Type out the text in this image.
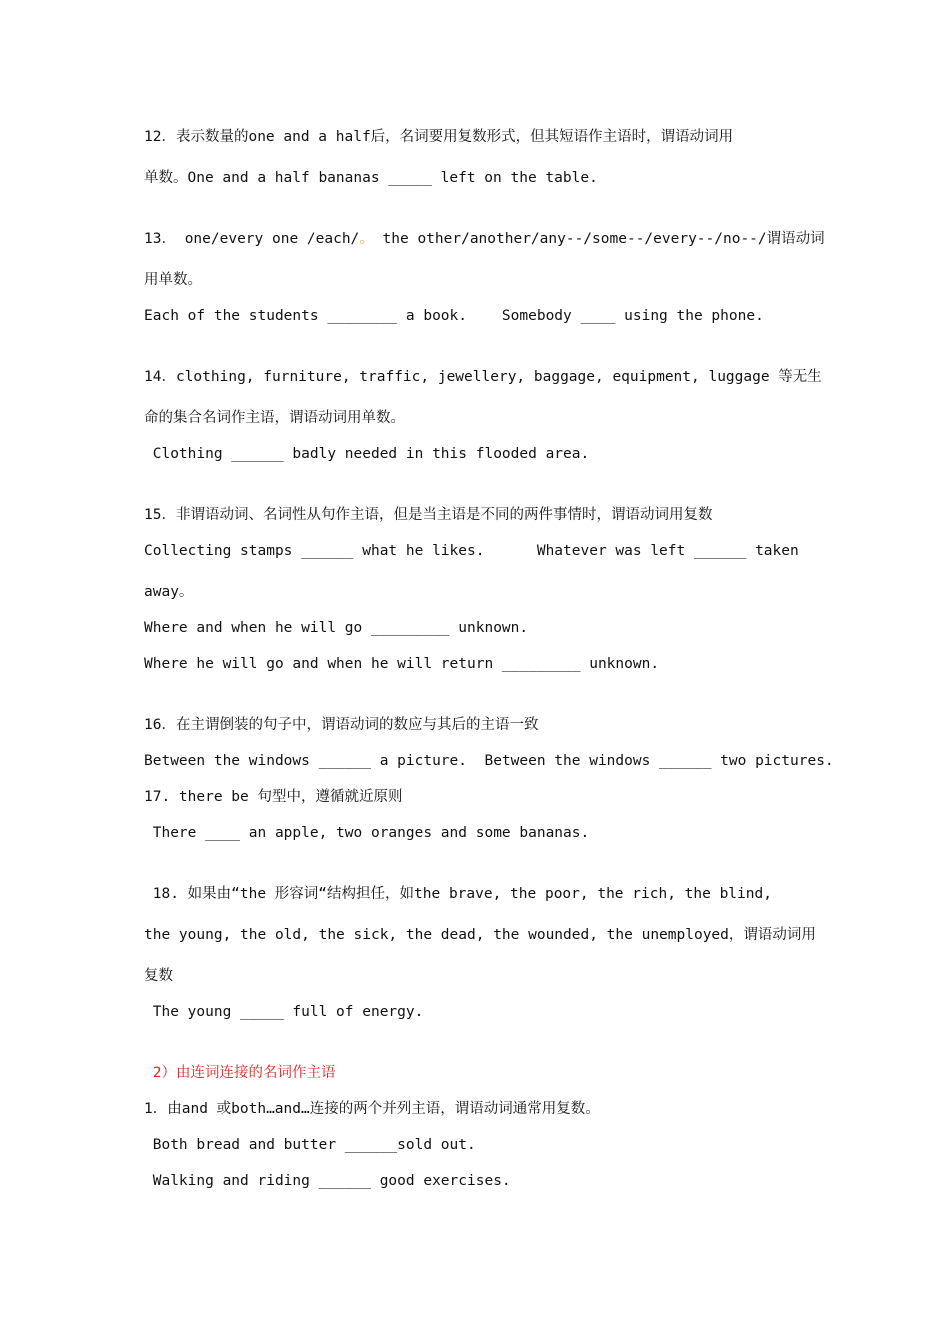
12．表示数量的one and a half后，名词要用复数形式，但其短语作主语时，谓语动词用
单数。One and a half bananas _____ left on the table.
13． one/every one /each/。 the other/another/any--/some--/every--/no--/谓语动词
用单数。
Each of the students ________ a book.    Somebody ____ using the phone.
14．clothing, furniture, traffic, jewellery, baggage, equipment, luggage 等无生
命的集合名词作主语，谓语动词用单数。
Clothing ______ badly needed in this flooded area.
15．非谓语动词、名词性从句作主语，但是当主语是不同的两件事情时，谓语动词用复数
Collecting stamps ______ what he likes.      Whatever was left ______ taken
away。
Where and when he will go _________ unknown.
Where he will go and when he will return _________ unknown.
16．在主谓倒装的句子中，谓语动词的数应与其后的主语一致
Between the windows ______ a picture.  Between the windows ______ two pictures.
17. there be 句型中，遵循就近原则
There ____ an apple, two oranges and some bananas.
18. 如果由“the 形容词“结构担任，如the brave, the poor, the rich, the blind,
the young, the old, the sick, the dead, the wounded, the unemployed，谓语动词用
复数
The young _____ full of energy.
2）由连词连接的名词作主语
1．由and 或both…and…连接的两个并列主语，谓语动词通常用复数。
Both bread and butter ______sold out.
Walking and riding ______ good exercises.
